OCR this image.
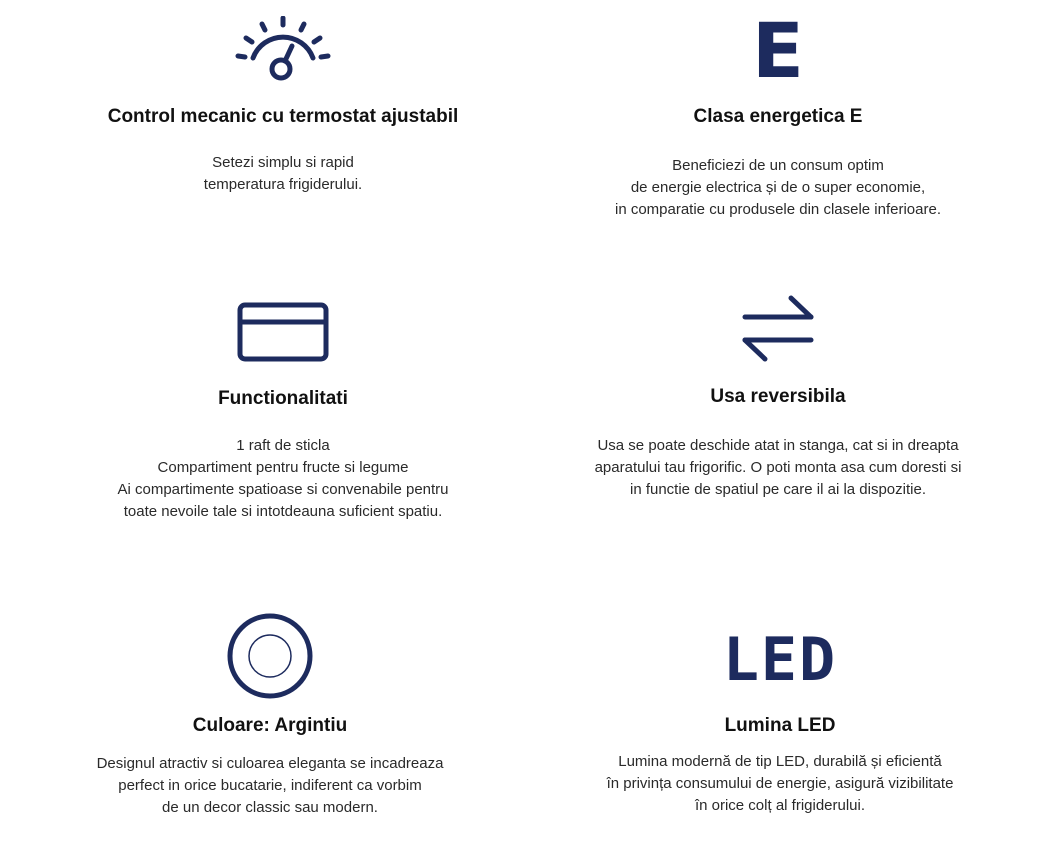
Control mecanic cu termostat ajustabil
Setezi simplu si rapid
temperatura frigiderului.
E
Clasa energetica E
Beneficiezi de un consum optim
de energie electrica și de o super economie,
in comparatie cu produsele din clasele inferioare.
Functionalitati
1 raft de sticla
Compartiment pentru fructe si legume
Ai compartimente spatioase si convenabile pentru
toate nevoile tale si intotdeauna suficient spatiu.
Usa reversibila
Usa se poate deschide atat in stanga, cat si in dreapta
aparatului tau frigorific. O poti monta asa cum doresti si
in functie de spatiul pe care il ai la dispozitie.
Culoare: Argintiu
Designul atractiv si culoarea eleganta se incadreaza
perfect in orice bucatarie, indiferent ca vorbim
de un decor classic sau modern.
LED
Lumina LED
Lumina modernă de tip LED, durabilă și eficientă
în privința consumului de energie, asigură vizibilitate
în orice colț al frigiderului.
